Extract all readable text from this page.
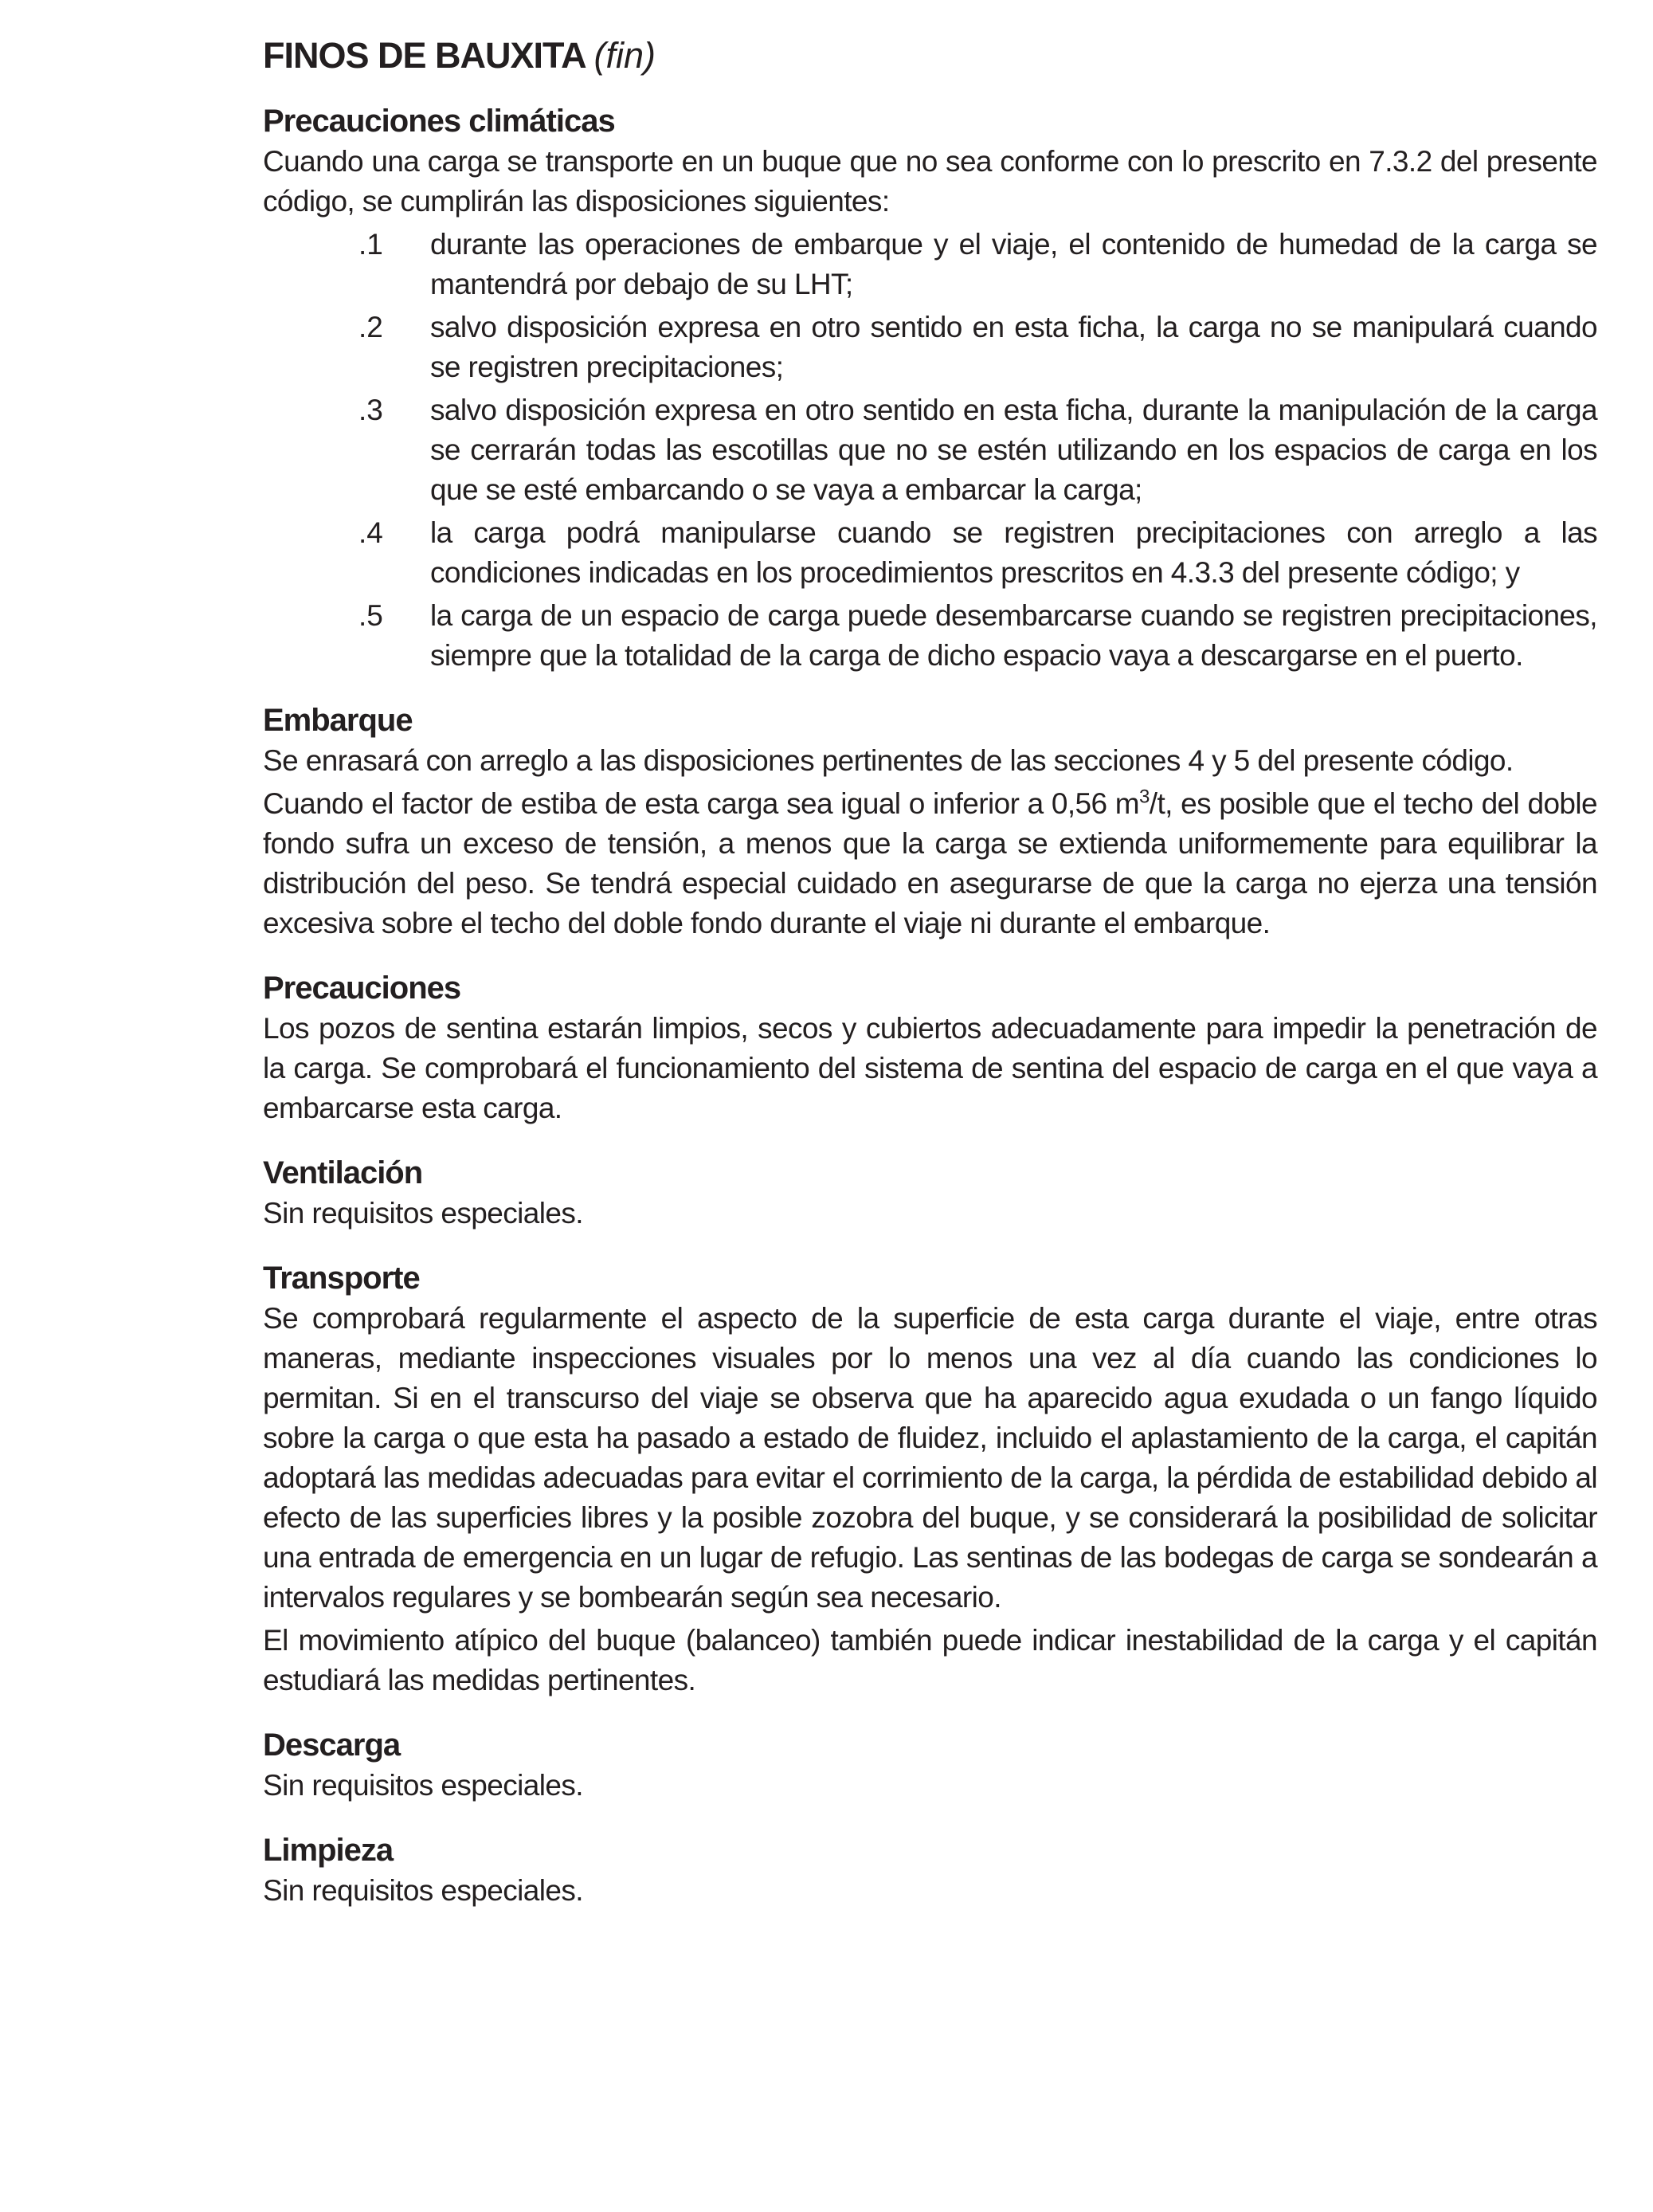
FINOS DE BAUXITA (fin)
Precauciones climáticas

Cuando una carga se transporte en un buque que no sea conforme con lo prescrito en 7.3.2 del presente código, se cumplirán las disposiciones siguientes:

.1	durante las operaciones de embarque y el viaje, el contenido de humedad de la carga se mantendrá por debajo de su LHT;
.2	salvo disposición expresa en otro sentido en esta ficha, la carga no se manipulará cuando se registren precipitaciones;
.3	salvo disposición expresa en otro sentido en esta ficha, durante la manipulación de la carga se cerrarán todas las escotillas que no se estén utilizando en los espacios de carga en los que se esté embarcando o se vaya a embarcar la carga;
.4	la carga podrá manipularse cuando se registren precipitaciones con arreglo a las condiciones indicadas en los procedimientos prescritos en 4.3.3 del presente código; y
.5	la carga de un espacio de carga puede desembarcarse cuando se registren precipitaciones, siempre que la totalidad de la carga de dicho espacio vaya a descargarse en el puerto.
Embarque

Se enrasará con arreglo a las disposiciones pertinentes de las secciones 4 y 5 del presente código.

Cuando el factor de estiba de esta carga sea igual o inferior a 0,56 $m^3/t$, es posible que el techo del doble fondo sufra un exceso de tensión, a menos que la carga se extienda uniformemente para equilibrar la distribución del peso. Se tendrá especial cuidado en asegurarse de que la carga no ejerza una tensión excesiva sobre el techo del doble fondo durante el viaje ni durante el embarque.

Precauciones

Los pozos de sentina estarán limpios, secos y cubiertos adecuadamente para impedir la penetración de la carga. Se comprobará el funcionamiento del sistema de sentina del espacio de carga en el que vaya a embarcarse esta carga.

Ventilación

Sin requisitos especiales.

Transporte

Se comprobará regularmente el aspecto de la superficie de esta carga durante el viaje, entre otras maneras, mediante inspecciones visuales por lo menos una vez al día cuando las condiciones lo permitan. Si en el transcurso del viaje se observa que ha aparecido agua exudada o un fango líquido sobre la carga o que esta ha pasado a estado de fluidez, incluido el aplastamiento de la carga, el capitán adoptará las medidas adecuadas para evitar el corrimiento de la carga, la pérdida de estabilidad debido al efecto de las superficies libres y la posible zozobra del buque, y se considerará la posibilidad de solicitar una entrada de emergencia en un lugar de refugio. Las sentinas de las bodegas de carga se sondearán a intervalos regulares y se bombearán según sea necesario.

El movimiento atípico del buque (balanceo) también puede indicar inestabilidad de la carga y el capitán estudiará las medidas pertinentes.

Descarga

Sin requisitos especiales.

Limpieza

Sin requisitos especiales.
